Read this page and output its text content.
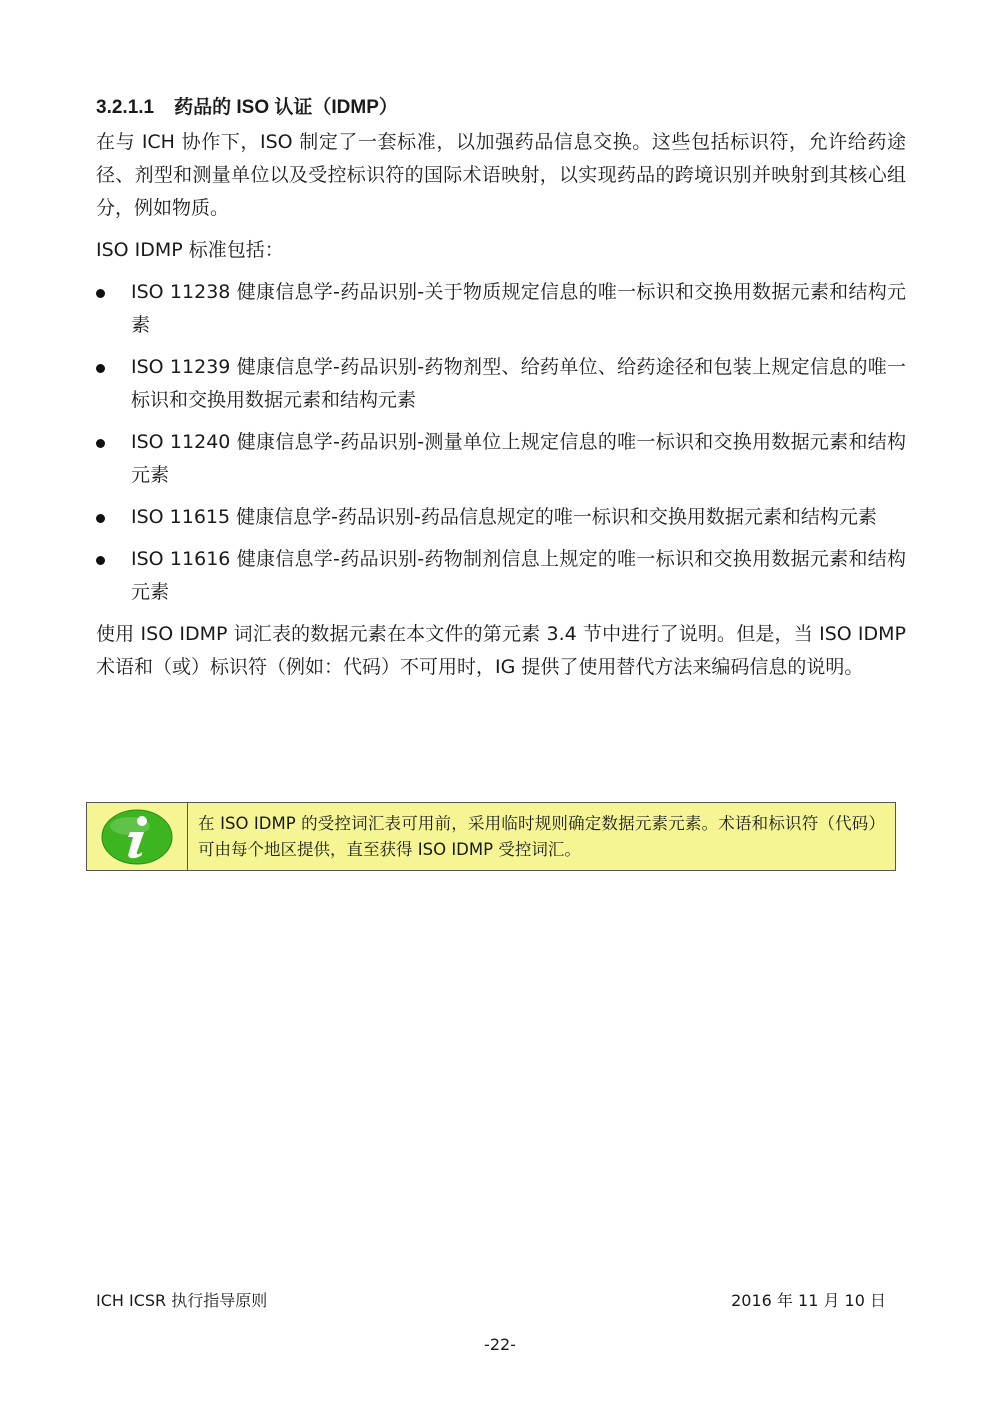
3.2.1.1 药品的 ISO 认证（IDMP）

在与 ICH 协作下，ISO 制定了一套标准，以加强药品信息交换。这些包括标识符，允许给药途径、剂型和测量单位以及受控标识符的国际术语映射，以实现药品的跨境识别并映射到其核心组分，例如物质。

ISO IDMP 标准包括：

ISO 11238 健康信息学-药品识别-关于物质规定信息的唯一标识和交换用数据元素和结构元素
ISO 11239 健康信息学-药品识别-药物剂型、给药单位、给药途径和包装上规定信息的唯一标识和交换用数据元素和结构元素
ISO 11240 健康信息学-药品识别-测量单位上规定信息的唯一标识和交换用数据元素和结构元素
ISO 11615 健康信息学-药品识别-药品信息规定的唯一标识和交换用数据元素和结构元素
ISO 11616 健康信息学-药品识别-药物制剂信息上规定的唯一标识和交换用数据元素和结构元素

使用 ISO IDMP 词汇表的数据元素在本文件的第元素 3.4 节中进行了说明。但是，当 ISO IDMP 术语和（或）标识符（例如：代码）不可用时，IG 提供了使用替代方法来编码信息的说明。

在 ISO IDMP 的受控词汇表可用前，采用临时规则确定数据元素元素。术语和标识符（代码）可由每个地区提供，直至获得 ISO IDMP 受控词汇。
ICH ICSR 执行指导原则	2016 年 11 月 10 日
-22-
